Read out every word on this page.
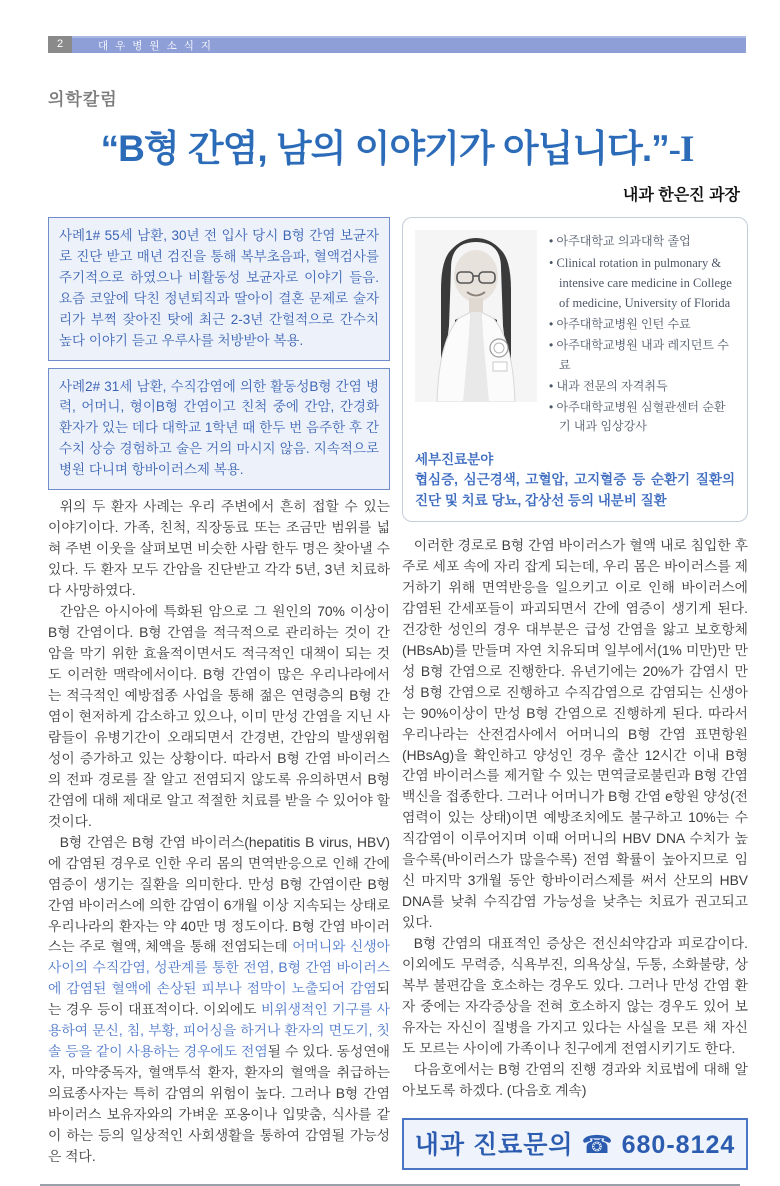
2	대우병원소식지
의학칼럼
“B형 간염, 남의 이야기가 아닙니다.”-I
내과 한은진 과장
사례1# 55세 남환, 30년 전 입사 당시 B형 간염 보균자로 진단 받고 매년 검진을 통해 복부초음파, 혈액검사를 주기적으로 하였으나 비활동성 보균자로 이야기 들음. 요즘 코앞에 닥친 정년퇴직과 딸아이 결혼 문제로 술자리가 부쩍 잦아진 탓에 최근 2-3년 간헐적으로 간수치 높다 이야기 듣고 우루사를 처방받아 복용.
사례2# 31세 남환, 수직감염에 의한 활동성B형 간염 병력, 어머니, 형이B형 간염이고 친척 중에 간암, 간경화 환자가 있는 데다 대학교 1학년 때 한두 번 음주한 후 간수치 상승 경험하고 술은 거의 마시지 않음. 지속적으로 병원 다니며 항바이러스제 복용.

위의 두 환자 사례는 우리 주변에서 흔히 접할 수 있는 이야기이다. 가족, 친척, 직장동료 또는 조금만 범위를 넓혀 주변 이웃을 살펴보면 비슷한 사람 한두 명은 찾아낼 수 있다. 두 환자 모두 간암을 진단받고 각각 5년, 3년 치료하다 사망하였다.

간암은 아시아에 특화된 암으로 그 원인의 70% 이상이 B형 간염이다. B형 간염을 적극적으로 관리하는 것이 간암을 막기 위한 효율적이면서도 적극적인 대책이 되는 것도 이러한 맥락에서이다. B형 간염이 많은 우리나라에서는 적극적인 예방접종 사업을 통해 젊은 연령층의 B형 간염이 현저하게 감소하고 있으나, 이미 만성 간염을 지닌 사람들이 유병기간이 오래되면서 간경변, 간암의 발생위험성이 증가하고 있는 상황이다. 따라서 B형 간염 바이러스의 전파 경로를 잘 알고 전염되지 않도록 유의하면서 B형 간염에 대해 제대로 알고 적절한 치료를 받을 수 있어야 할 것이다.

B형 간염은 B형 간염 바이러스(hepatitis B virus, HBV)에 감염된 경우로 인한 우리 몸의 면역반응으로 인해 간에 염증이 생기는 질환을 의미한다. 만성 B형 간염이란 B형 간염 바이러스에 의한 감염이 6개월 이상 지속되는 상태로 우리나라의 환자는 약 40만 명 정도이다. B형 간염 바이러스는 주로 혈액, 체액을 통해 전염되는데 어머니와 신생아 사이의 수직감염, 성관계를 통한 전염, B형 간염 바이러스에 감염된 혈액에 손상된 피부나 점막이 노출되어 감염되는 경우 등이 대표적이다. 이외에도 비위생적인 기구를 사용하여 문신, 침, 부황, 피어싱을 하거나 환자의 면도기, 칫솔 등을 같이 사용하는 경우에도 전염될 수 있다. 동성연애자, 마약중독자, 혈액투석 환자, 환자의 혈액을 취급하는 의료종사자는 특히 감염의 위험이 높다. 그러나 B형 간염 바이러스 보유자와의 가벼운 포옹이나 입맞춤, 식사를 같이 하는 등의 일상적인 사회생활을 통하여 감염될 가능성은 적다.

• 아주대학교 의과대학 졸업
• Clinical rotation in pulmonary & intensive care medicine in College of medicine, University of Florida
• 아주대학교병원 인턴 수료
• 아주대학교병원 내과 레지던트 수료
• 내과 전문의 자격취득
• 아주대학교병원 심혈관센터 순환기 내과 임상강사
세부진료분야
협심증, 심근경색, 고혈압, 고지혈증 등 순환기 질환의 진단 및 치료 당뇨, 갑상선 등의 내분비 질환

이러한 경로로 B형 간염 바이러스가 혈액 내로 침입한 후 주로 세포 속에 자리 잡게 되는데, 우리 몸은 바이러스를 제거하기 위해 면역반응을 일으키고 이로 인해 바이러스에 감염된 간세포들이 파괴되면서 간에 염증이 생기게 된다. 건강한 성인의 경우 대부분은 급성 간염을 앓고 보호항체(HBsAb)를 만들며 자연 치유되며 일부에서(1% 미만)만 만성 B형 간염으로 진행한다. 유년기에는 20%가 감염시 만성 B형 간염으로 진행하고 수직감염으로 감염되는 신생아는 90%이상이 만성 B형 간염으로 진행하게 된다. 따라서 우리나라는 산전검사에서 어머니의 B형 간염 표면항원(HBsAg)을 확인하고 양성인 경우 출산 12시간 이내 B형 간염 바이러스를 제거할 수 있는 면역글로불린과 B형 간염백신을 접종한다. 그러나 어머니가 B형 간염 e항원 양성(전염력이 있는 상태)이면 예방조치에도 불구하고 10%는 수직감염이 이루어지며 이때 어머니의 HBV DNA 수치가 높을수록(바이러스가 많을수록) 전염 확률이 높아지므로 임신 마지막 3개월 동안 항바이러스제를 써서 산모의 HBV DNA를 낮춰 수직감염 가능성을 낮추는 치료가 권고되고 있다.

B형 간염의 대표적인 증상은 전신쇠약감과 피로감이다. 이외에도 무력증, 식욕부진, 의욕상실, 두통, 소화불량, 상복부 불편감을 호소하는 경우도 있다. 그러나 만성 간염 환자 중에는 자각증상을 전혀 호소하지 않는 경우도 있어 보유자는 자신이 질병을 가지고 있다는 사실을 모른 채 자신도 모르는 사이에 가족이나 친구에게 전염시키기도 한다.

다음호에서는 B형 간염의 진행 경과와 치료법에 대해 알아보도록 하겠다. (다음호 계속)

내과 진료문의 ☎ 680-8124
